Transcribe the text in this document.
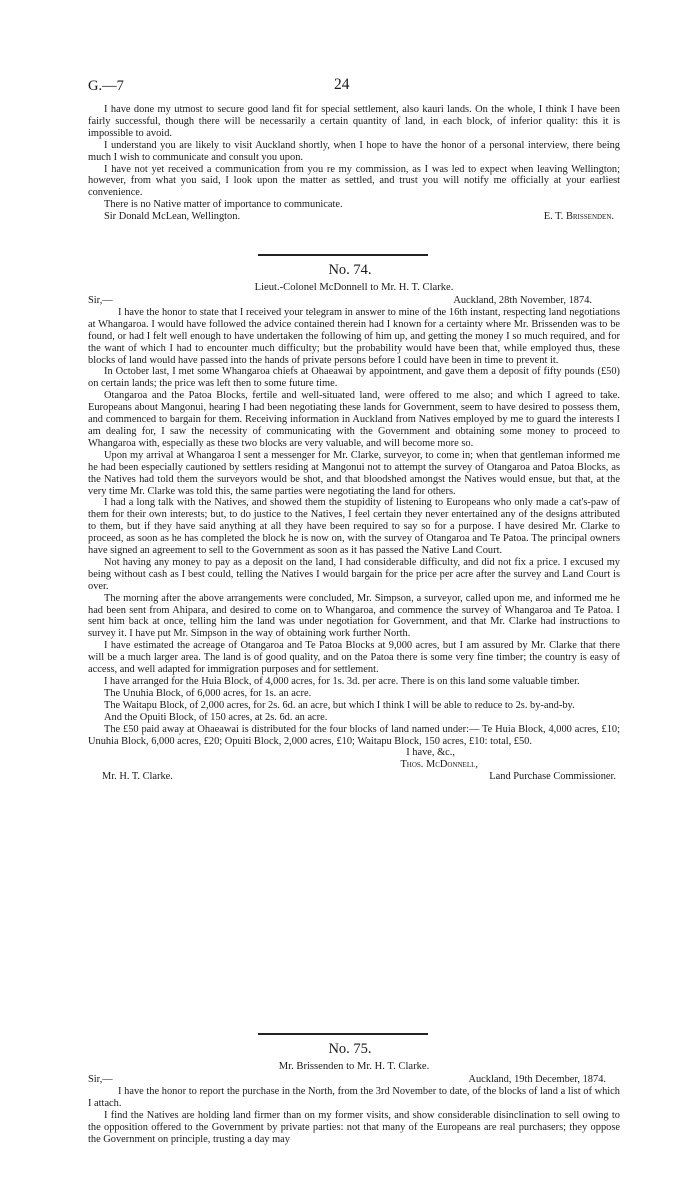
G.—7	24

I have done my utmost to secure good land fit for special settlement, also kauri lands. On the whole, I think I have been fairly successful, though there will be necessarily a certain quantity of land, in each block, of inferior quality: this it is impossible to avoid.

I understand you are likely to visit Auckland shortly, when I hope to have the honor of a personal interview, there being much I wish to communicate and consult you upon.

I have not yet received a communication from you re my commission, as I was led to expect when leaving Wellington; however, from what you said, I look upon the matter as settled, and trust you will notify me officially at your earliest convenience.

There is no Native matter of importance to communicate.

Sir Donald McLean, Wellington.	E. T. Brissenden.
No. 74.
Lieut.-Colonel McDonnell to Mr. H. T. Clarke.
Sir,—	Auckland, 28th November, 1874.

I have the honor to state that I received your telegram in answer to mine of the 16th instant, respecting land negotiations at Whangaroa. I would have followed the advice contained therein had I known for a certainty where Mr. Brissenden was to be found, or had I felt well enough to have undertaken the following of him up, and getting the money I so much required, and for the want of which I had to encounter much difficulty; but the probability would have been that, while employed thus, these blocks of land would have passed into the hands of private persons before I could have been in time to prevent it.

In October last, I met some Whangaroa chiefs at Ohaeawai by appointment, and gave them a deposit of fifty pounds (£50) on certain lands; the price was left then to some future time.

Otangaroa and the Patoa Blocks, fertile and well-situated land, were offered to me also; and which I agreed to take. Europeans about Mangonui, hearing I had been negotiating these lands for Government, seem to have desired to possess them, and commenced to bargain for them. Receiving information in Auckland from Natives employed by me to guard the interests I am dealing for, I saw the necessity of communicating with the Government and obtaining some money to proceed to Whangaroa with, especially as these two blocks are very valuable, and will become more so.

Upon my arrival at Whangaroa I sent a messenger for Mr. Clarke, surveyor, to come in; when that gentleman informed me he had been especially cautioned by settlers residing at Mangonui not to attempt the survey of Otangaroa and Patoa Blocks, as the Natives had told them the surveyors would be shot, and that bloodshed amongst the Natives would ensue, but that, at the very time Mr. Clarke was told this, the same parties were negotiating the land for others.

I had a long talk with the Natives, and showed them the stupidity of listening to Europeans who only made a cat's-paw of them for their own interests; but, to do justice to the Natives, I feel certain they never entertained any of the designs attributed to them, but if they have said anything at all they have been required to say so for a purpose. I have desired Mr. Clarke to proceed, as soon as he has completed the block he is now on, with the survey of Otangaroa and Te Patoa. The principal owners have signed an agreement to sell to the Government as soon as it has passed the Native Land Court.

Not having any money to pay as a deposit on the land, I had considerable difficulty, and did not fix a price. I excused my being without cash as I best could, telling the Natives I would bargain for the price per acre after the survey and Land Court is over.

The morning after the above arrangements were concluded, Mr. Simpson, a surveyor, called upon me, and informed me he had been sent from Ahipara, and desired to come on to Whangaroa, and commence the survey of Whangaroa and Te Patoa. I sent him back at once, telling him the land was under negotiation for Government, and that Mr. Clarke had instructions to survey it. I have put Mr. Simpson in the way of obtaining work further North.

I have estimated the acreage of Otangaroa and Te Patoa Blocks at 9,000 acres, but I am assured by Mr. Clarke that there will be a much larger area. The land is of good quality, and on the Patoa there is some very fine timber; the country is easy of access, and well adapted for immigration purposes and for settlement.

I have arranged for the Huia Block, of 4,000 acres, for 1s. 3d. per acre. There is on this land some valuable timber.

The Unuhia Block, of 6,000 acres, for 1s. an acre.

The Waitapu Block, of 2,000 acres, for 2s. 6d. an acre, but which I think I will be able to reduce to 2s. by-and-by.

And the Opuiti Block, of 150 acres, at 2s. 6d. an acre.

The £50 paid away at Ohaeawai is distributed for the four blocks of land named under:— Te Huia Block, 4,000 acres, £10; Unuhia Block, 6,000 acres, £20; Opuiti Block, 2,000 acres, £10; Waitapu Block, 150 acres, £10: total, £50.

I have, &c.,
Thos. McDonnell,
Mr. H. T. Clarke.	Land Purchase Commissioner.
No. 75.
Mr. Brissenden to Mr. H. T. Clarke.
Sir,—	Auckland, 19th December, 1874.

I have the honor to report the purchase in the North, from the 3rd November to date, of the blocks of land a list of which I attach.

I find the Natives are holding land firmer than on my former visits, and show considerable disinclination to sell owing to the opposition offered to the Government by private parties: not that many of the Europeans are real purchasers; they oppose the Government on principle, trusting a day may
